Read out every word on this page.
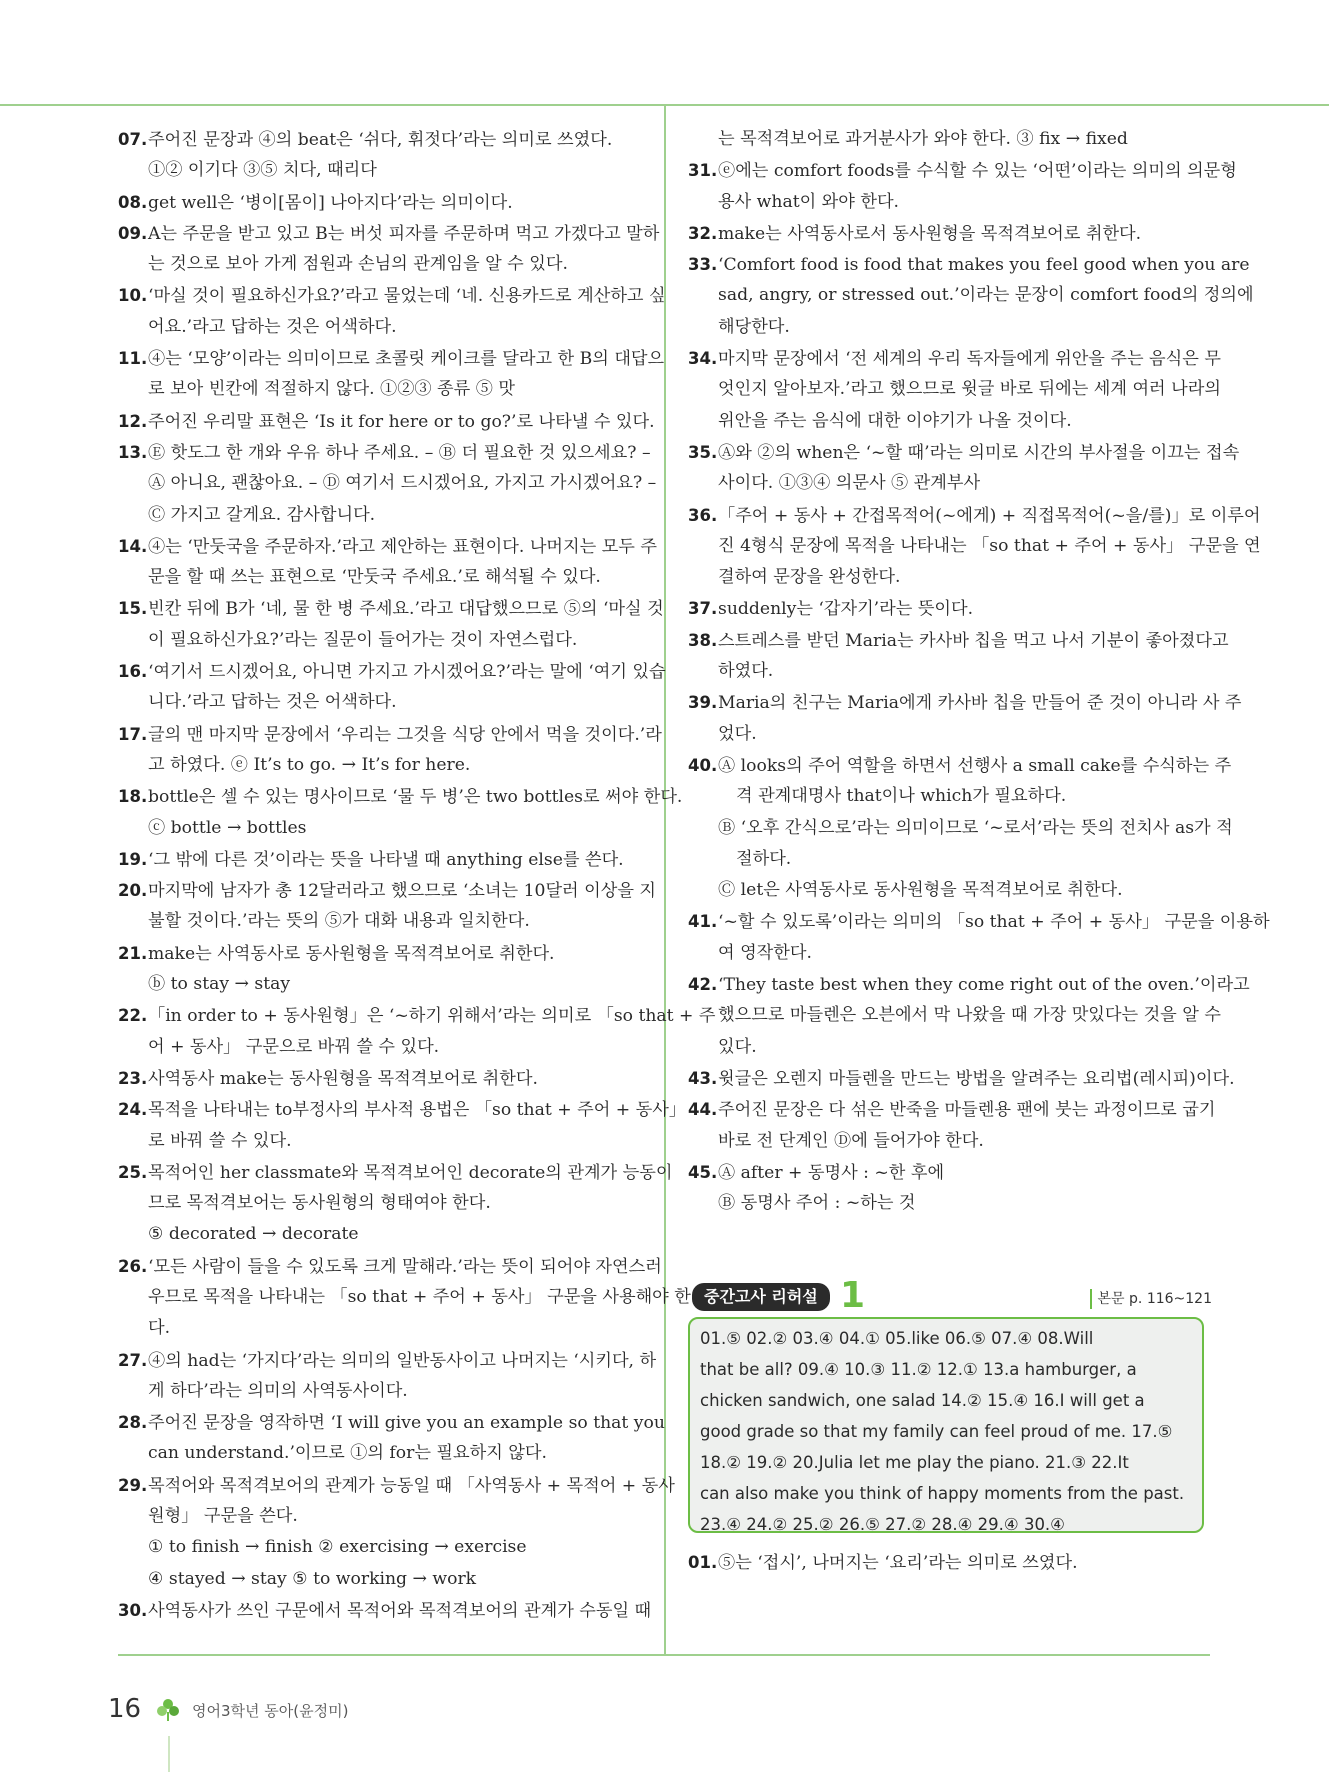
07.주어진 문장과 ④의 beat은 ‘쉬다, 휘젓다’라는 의미로 쓰였다.
①② 이기다 ③⑤ 치다, 때리다
08.get well은 ‘병이[몸이] 나아지다’라는 의미이다.
09.A는 주문을 받고 있고 B는 버섯 피자를 주문하며 먹고 가겠다고 말하
는 것으로 보아 가게 점원과 손님의 관계임을 알 수 있다.
10.‘마실 것이 필요하신가요?’라고 물었는데 ‘네. 신용카드로 계산하고 싶
어요.’라고 답하는 것은 어색하다.
11.④는 ‘모양’이라는 의미이므로 초콜릿 케이크를 달라고 한 B의 대답으
로 보아 빈칸에 적절하지 않다. ①②③ 종류 ⑤ 맛
12.주어진 우리말 표현은 ‘Is it for here or to go?’로 나타낼 수 있다.
13.Ⓔ 핫도그 한 개와 우유 하나 주세요. – Ⓑ 더 필요한 것 있으세요? –
Ⓐ 아니요, 괜찮아요. – Ⓓ 여기서 드시겠어요, 가지고 가시겠어요? –
Ⓒ 가지고 갈게요. 감사합니다.
14.④는 ‘만둣국을 주문하자.’라고 제안하는 표현이다. 나머지는 모두 주
문을 할 때 쓰는 표현으로 ‘만둣국 주세요.’로 해석될 수 있다.
15.빈칸 뒤에 B가 ‘네, 물 한 병 주세요.’라고 대답했으므로 ⑤의 ‘마실 것
이 필요하신가요?’라는 질문이 들어가는 것이 자연스럽다.
16.‘여기서 드시겠어요, 아니면 가지고 가시겠어요?’라는 말에 ‘여기 있습
니다.’라고 답하는 것은 어색하다.
17.글의 맨 마지막 문장에서 ‘우리는 그것을 식당 안에서 먹을 것이다.’라
고 하였다. ⓔ It’s to go. → It’s for here.
18.bottle은 셀 수 있는 명사이므로 ‘물 두 병’은 two bottles로 써야 한다.
ⓒ bottle → bottles
19.‘그 밖에 다른 것’이라는 뜻을 나타낼 때 anything else를 쓴다.
20.마지막에 남자가 총 12달러라고 했으므로 ‘소녀는 10달러 이상을 지
불할 것이다.’라는 뜻의 ⑤가 대화 내용과 일치한다.
21.make는 사역동사로 동사원형을 목적격보어로 취한다.
ⓑ to stay → stay
22.「in order to + 동사원형」은 ‘~하기 위해서’라는 의미로 「so that + 주
어 + 동사」 구문으로 바꿔 쓸 수 있다.
23.사역동사 make는 동사원형을 목적격보어로 취한다.
24.목적을 나타내는 to부정사의 부사적 용법은 「so that + 주어 + 동사」
로 바꿔 쓸 수 있다.
25.목적어인 her classmate와 목적격보어인 decorate의 관계가 능동이
므로 목적격보어는 동사원형의 형태여야 한다.
⑤ decorated → decorate
26.‘모든 사람이 들을 수 있도록 크게 말해라.’라는 뜻이 되어야 자연스러
우므로 목적을 나타내는 「so that + 주어 + 동사」 구문을 사용해야 한
다.
27.④의 had는 ‘가지다’라는 의미의 일반동사이고 나머지는 ‘시키다, 하
게 하다’라는 의미의 사역동사이다.
28.주어진 문장을 영작하면 ‘I will give you an example so that you
can understand.’이므로 ①의 for는 필요하지 않다.
29.목적어와 목적격보어의 관계가 능동일 때 「사역동사 + 목적어 + 동사
원형」 구문을 쓴다.
① to finish → finish ② exercising → exercise
④ stayed → stay ⑤ to working → work
30.사역동사가 쓰인 구문에서 목적어와 목적격보어의 관계가 수동일 때
는 목적격보어로 과거분사가 와야 한다. ③ fix → fixed
31.ⓔ에는 comfort foods를 수식할 수 있는 ‘어떤’이라는 의미의 의문형
용사 what이 와야 한다.
32.make는 사역동사로서 동사원형을 목적격보어로 취한다.
33.‘Comfort food is food that makes you feel good when you are
sad, angry, or stressed out.’이라는 문장이 comfort food의 정의에
해당한다.
34.마지막 문장에서 ‘전 세계의 우리 독자들에게 위안을 주는 음식은 무
엇인지 알아보자.’라고 했으므로 윗글 바로 뒤에는 세계 여러 나라의
위안을 주는 음식에 대한 이야기가 나올 것이다.
35.Ⓐ와 ②의 when은 ‘~할 때’라는 의미로 시간의 부사절을 이끄는 접속
사이다. ①③④ 의문사 ⑤ 관계부사
36.「주어 + 동사 + 간접목적어(~에게) + 직접목적어(~을/를)」로 이루어
진 4형식 문장에 목적을 나타내는 「so that + 주어 + 동사」 구문을 연
결하여 문장을 완성한다.
37.suddenly는 ‘갑자기’라는 뜻이다.
38.스트레스를 받던 Maria는 카사바 칩을 먹고 나서 기분이 좋아졌다고
하였다.
39.Maria의 친구는 Maria에게 카사바 칩을 만들어 준 것이 아니라 사 주
었다.
40.Ⓐ looks의 주어 역할을 하면서 선행사 a small cake를 수식하는 주
격 관계대명사 that이나 which가 필요하다.
Ⓑ ‘오후 간식으로’라는 의미이므로 ‘~로서’라는 뜻의 전치사 as가 적
절하다.
Ⓒ let은 사역동사로 동사원형을 목적격보어로 취한다.
41.‘~할 수 있도록’이라는 의미의 「so that + 주어 + 동사」 구문을 이용하
여 영작한다.
42.‘They taste best when they come right out of the oven.’이라고
했으므로 마들렌은 오븐에서 막 나왔을 때 가장 맛있다는 것을 알 수
있다.
43.윗글은 오렌지 마들렌을 만드는 방법을 알려주는 요리법(레시피)이다.
44.주어진 문장은 다 섞은 반죽을 마들렌용 팬에 붓는 과정이므로 굽기
바로 전 단계인 Ⓓ에 들어가야 한다.
45.Ⓐ after + 동명사 : ~한 후에
Ⓑ 동명사 주어 : ~하는 것
중간고사 리허설 1	본문 p. 116~121
01.⑤ 02.② 03.④ 04.① 05.like 06.⑤ 07.④ 08.Will
that be all? 09.④ 10.③ 11.② 12.① 13.a hamburger, a
chicken sandwich, one salad 14.② 15.④ 16.I will get a
good grade so that my family can feel proud of me. 17.⑤
18.② 19.② 20.Julia let me play the piano. 21.③ 22.It
can also make you think of happy moments from the past.
23.④ 24.② 25.② 26.⑤ 27.② 28.④ 29.④ 30.④
01.⑤는 ‘접시’, 나머지는 ‘요리’라는 의미로 쓰였다.
16	영어3학년 동아(윤정미)
